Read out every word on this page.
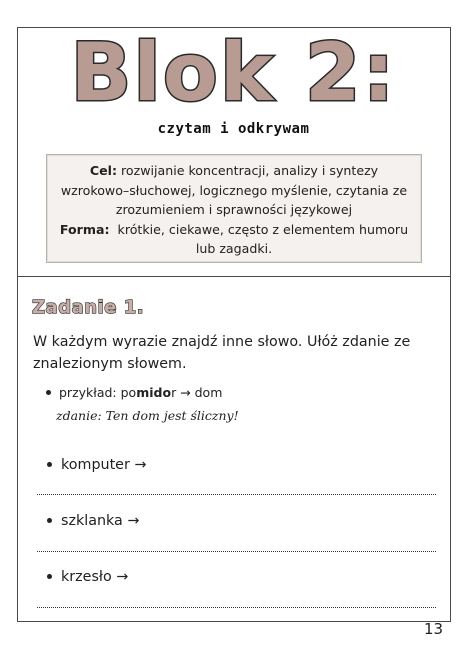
Blok 2:
czytam i odkrywam
Cel: rozwijanie koncentracji, analizy i syntezy wzrokowo–słuchowej, logicznego myślenie, czytania ze zrozumieniem i sprawności językowej
Forma: krótkie, ciekawe, często z elementem humoru lub zagadki.
Zadanie 1.
W każdym wyrazie znajdź inne słowo. Ułóż zdanie ze znalezionym słowem.
przykład: pomidor → dom
zdanie: Ten dom jest śliczny!
komputer →
szklanka →
krzesło →
13
